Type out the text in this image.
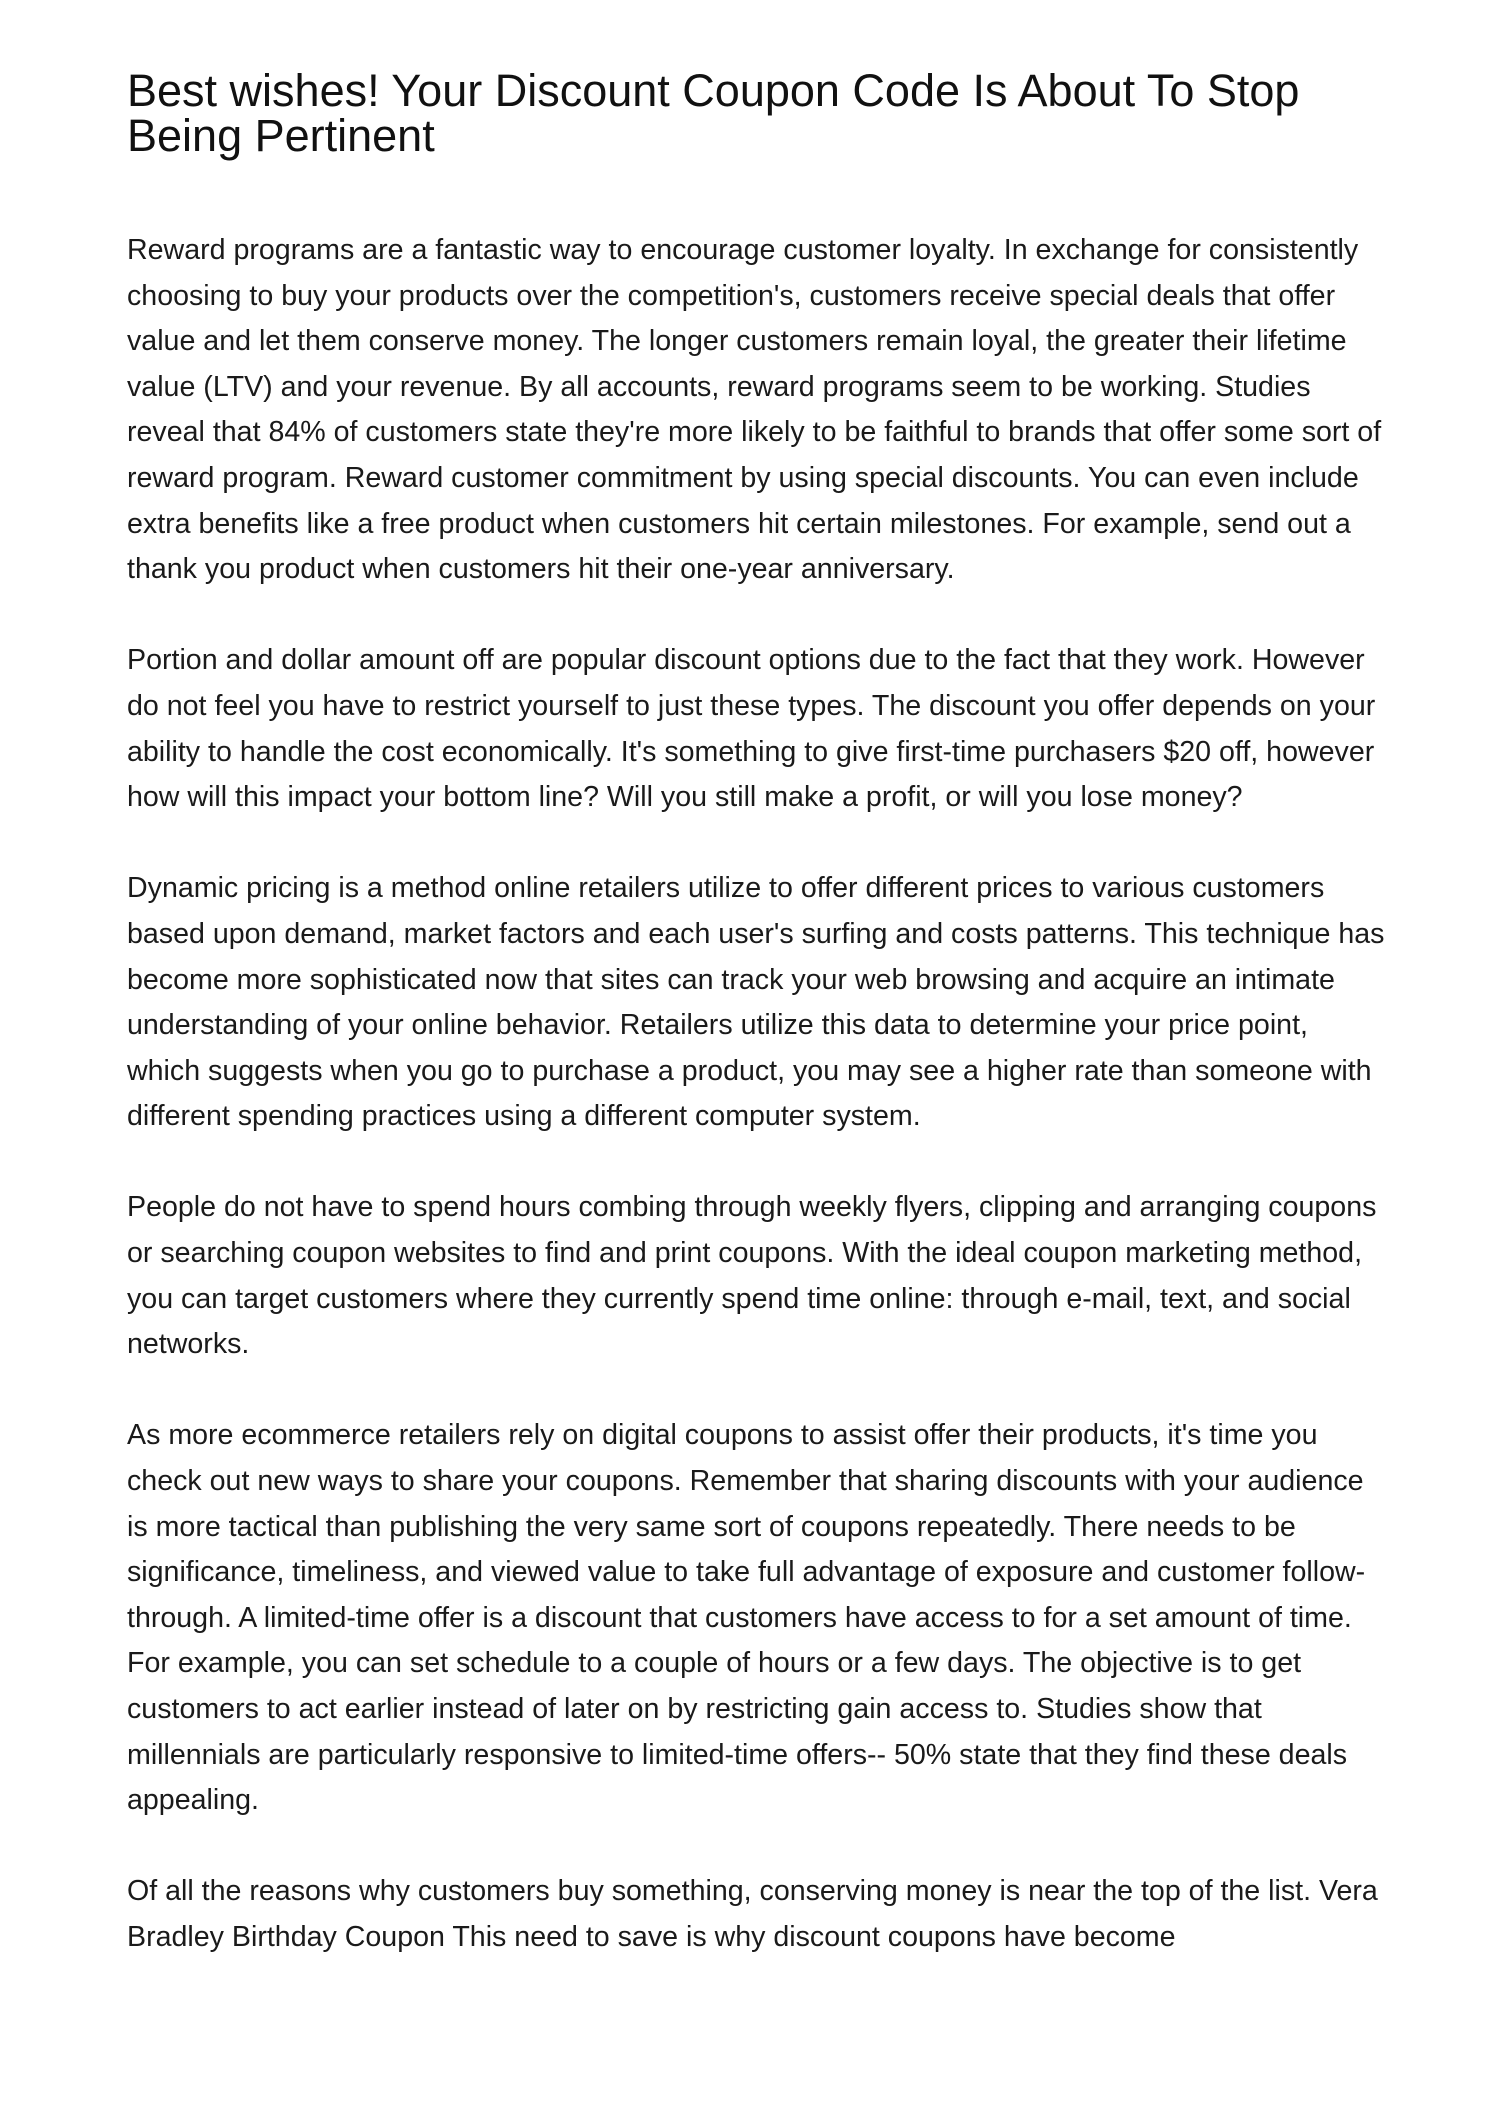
Best wishes! Your Discount Coupon Code Is About To Stop Being Pertinent

Reward programs are a fantastic way to encourage customer loyalty. In exchange for consistently choosing to buy your products over the competition's, customers receive special deals that offer value and let them conserve money. The longer customers remain loyal, the greater their lifetime value (LTV) and your revenue. By all accounts, reward programs seem to be working. Studies reveal that 84% of customers state they're more likely to be faithful to brands that offer some sort of reward program. Reward customer commitment by using special discounts. You can even include extra benefits like a free product when customers hit certain milestones. For example, send out a thank you product when customers hit their one-year anniversary.

Portion and dollar amount off are popular discount options due to the fact that they work. However do not feel you have to restrict yourself to just these types. The discount you offer depends on your ability to handle the cost economically. It's something to give first-time purchasers $20 off, however how will this impact your bottom line? Will you still make a profit, or will you lose money?

Dynamic pricing is a method online retailers utilize to offer different prices to various customers based upon demand, market factors and each user's surfing and costs patterns. This technique has become more sophisticated now that sites can track your web browsing and acquire an intimate understanding of your online behavior. Retailers utilize this data to determine your price point, which suggests when you go to purchase a product, you may see a higher rate than someone with different spending practices using a different computer system.

People do not have to spend hours combing through weekly flyers, clipping and arranging coupons or searching coupon websites to find and print coupons. With the ideal coupon marketing method, you can target customers where they currently spend time online: through e-mail, text, and social networks.

As more ecommerce retailers rely on digital coupons to assist offer their products, it's time you check out new ways to share your coupons. Remember that sharing discounts with your audience is more tactical than publishing the very same sort of coupons repeatedly. There needs to be significance, timeliness, and viewed value to take full advantage of exposure and customer follow-through. A limited-time offer is a discount that customers have access to for a set amount of time. For example, you can set schedule to a couple of hours or a few days. The objective is to get customers to act earlier instead of later on by restricting gain access to. Studies show that millennials are particularly responsive to limited-time offers-- 50% state that they find these deals appealing.

Of all the reasons why customers buy something, conserving money is near the top of the list. Vera Bradley Birthday Coupon This need to save is why discount coupons have become
